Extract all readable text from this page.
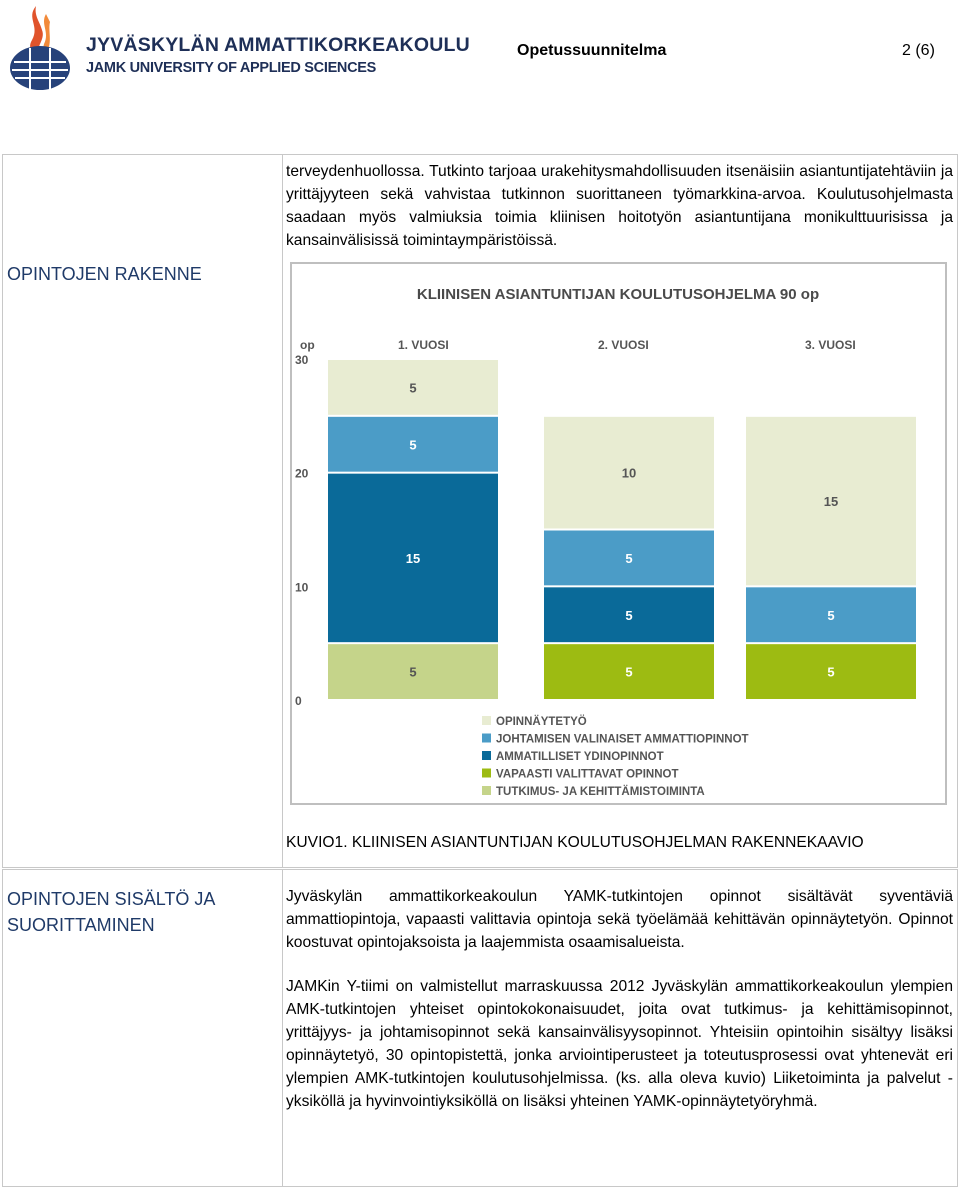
JYVÄSKYLÄN AMMATTIKORKEAKOULU
JAMK UNIVERSITY OF APPLIED SCIENCES
Opetussuunnitelma	2 (6)
OPINTOJEN RAKENNE

terveydenhuollossa. Tutkinto tarjoaa urakehitysmahdollisuuden itsenäisiin asiantuntijatehtäviin ja yrittäjyyteen sekä vahvistaa tutkinnon suorittaneen työmarkkina-arvoa. Koulutusohjelmasta saadaan myös valmiuksia toimia kliinisen hoitotyön asiantuntijana monikulttuurisissa ja kansainvälisissä toimintaympäristöissä.

KLIINISEN ASIANTUNTIJAN KOULUTUSOHJELMA 90 op
op
0
10
20
30
1. VUOSI
5
15
5
5
2. VUOSI
5
5
5
10
3. VUOSI
5
5
15
OPINNÄYTETYÖ
JOHTAMISEN VALINAISET AMMATTIOPINNOT
AMMATILLISET YDINOPINNOT
VAPAASTI VALITTAVAT OPINNOT
TUTKIMUS- JA KEHITTÄMISTOIMINTA
KUVIO1. KLIINISEN ASIANTUNTIJAN KOULUTUSOHJELMAN RAKENNEKAAVIO
OPINTOJEN SISÄLTÖ JA
SUORITTAMINEN

Jyväskylän ammattikorkeakoulun YAMK-tutkintojen opinnot sisältävät syventäviä ammattiopintoja, vapaasti valittavia opintoja sekä työelämää kehittävän opinnäytetyön. Opinnot koostuvat opintojaksoista ja laajemmista osaamisalueista.

JAMKin Y-tiimi on valmistellut marraskuussa 2012 Jyväskylän ammattikorkeakoulun ylempien AMK-tutkintojen yhteiset opintokokonaisuudet, joita ovat tutkimus- ja kehittämisopinnot, yrittäjyys- ja johtamisopinnot sekä kansainvälisyysopinnot. Yhteisiin opintoihin sisältyy lisäksi opinnäytetyö, 30 opintopistettä, jonka arviointiperusteet ja toteutusprosessi ovat yhtenevät eri ylempien AMK-tutkintojen koulutusohjelmissa. (ks. alla oleva kuvio) Liiketoiminta ja palvelut -yksiköllä ja hyvinvointiyksiköllä on lisäksi yhteinen YAMK-opinnäytetyöryhmä.
